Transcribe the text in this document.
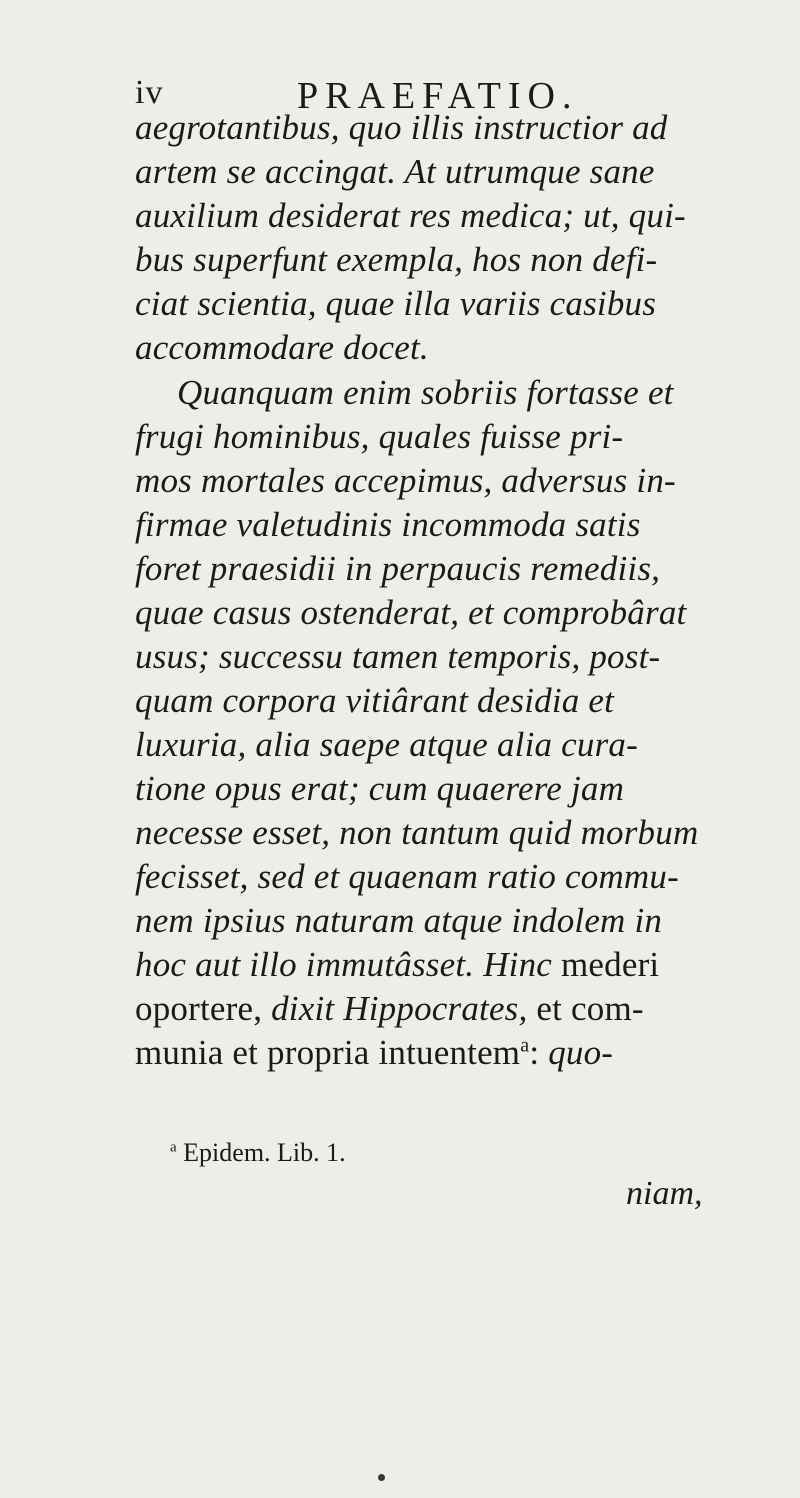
iv	PRAEFATIO.
aegrotantibus, quo illis instructior ad
artem se accingat. At utrumque sane
auxilium desiderat res medica; ut, qui-
bus superfunt exempla, hos non defi-
ciat scientia, quae illa variis casibus
accommodare docet.
Quanquam enim sobriis fortasse et
frugi hominibus, quales fuisse pri-
mos mortales accepimus, adversus in-
firmae valetudinis incommoda satis
foret praesidii in perpaucis remediis,
quae casus ostenderat, et comprobârat
usus; successu tamen temporis, post-
quam corpora vitiârant desidia et
luxuria, alia saepe atque alia cura-
tione opus erat; cum quaerere jam
necesse esset, non tantum quid morbum
fecisset, sed et quaenam ratio commu-
nem ipsius naturam atque indolem in
hoc aut illo immutâsset. Hinc mederi
oportere, dixit Hippocrates, et com-
munia et propria intuentem$^a$: quo-
$^a$ Epidem. Lib. 1.
niam,
